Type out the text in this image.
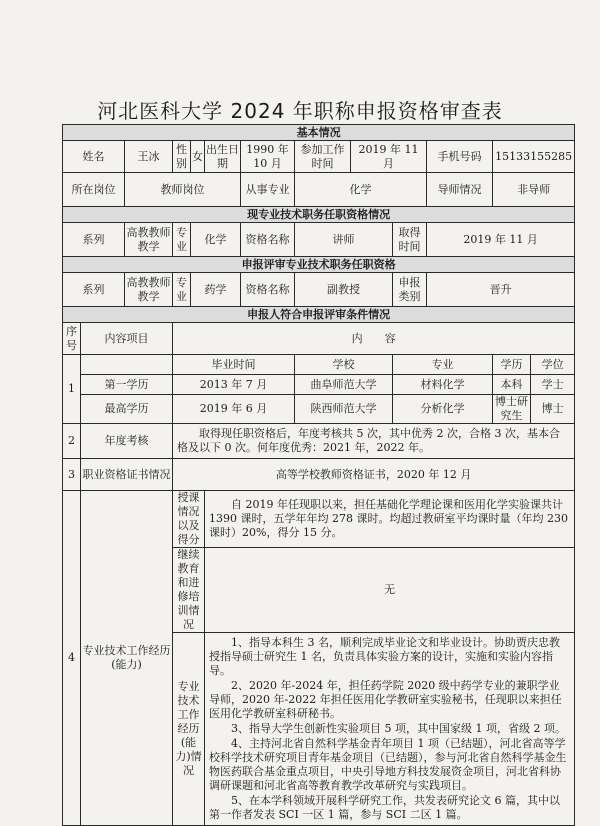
河北医科大学 2024 年职称申报资格审查表
基本情况												
姓名		王冰	性别	女	出生日期	1990 年 10 月	参加工作时间	2019 年 11 月		手机号码	15133155285	
所在岗位		教师岗位				从事专业	化学			导师情况	非导师	
现专业技术职务任职资格情况												
系列		高教教师教学	专业	化学		资格名称	讲师		取得时间	2019 年 11 月		
申报评审专业技术职务任职资格												
系列		高教教师教学	专业	药学		资格名称	副教授		申报类别	晋升		
申报人符合申报评审条件情况												
序号	内容项目		内　　容									
1			毕业时间				学校		专业		学历	学位
	第一学历		2013 年 7 月				曲阜师范大学		材料化学		本科	学士
	最高学历		2019 年 6 月				陕西师范大学		分析化学		博士研究生	博士
2	年度考核		取得现任职资格后，年度考核共 5 次，其中优秀 2 次，合格 3 次，基本合格及以下 0 次。何年度优秀：2021 年，2022 年。									

3	职业资格证书情况		高等学校教师资格证书，2020 年 12 月									
4	专业技术工作经历(能力)		授课情况以及得分		自 2019 年任现职以来，担任基础化学理论课和医用化学实验课共计 1390 课时，五学年年均 278 课时。均超过教研室平均课时量（年均 230 课时）20%，得分 15 分。							

			继续教育和进修培训情况		无							
			专业技术工作经历(能力)情况		1、指导本科生 3 名，顺利完成毕业论文和毕业设计。协助贾庆忠教授指导硕士研究生 1 名，负责具体实验方案的设计，实施和实验内容指导。
2、2020 年-2024 年，担任药学院 2020 级中药学专业的兼职学业导师，2020 年-2022 年担任医用化学教研室实验秘书，任现职以来担任医用化学教研室科研秘书。
3、指导大学生创新性实验项目 5 项，其中国家级 1 项，省级 2 项。
4、主持河北省自然科学基金青年项目 1 项（已结题），河北省高等学校科学技术研究项目青年基金项目（已结题），参与河北省自然科学基金生物医药联合基金重点项目，中央引导地方科技发展资金项目，河北省科协调研课题和河北省高等教育教学改革研究与实践项目。
5、在本学科领域开展科学研究工作，共发表研究论文 6 篇，其中以第一作者发表 SCI 一区 1 篇，参与 SCI 二区 1 篇。							
